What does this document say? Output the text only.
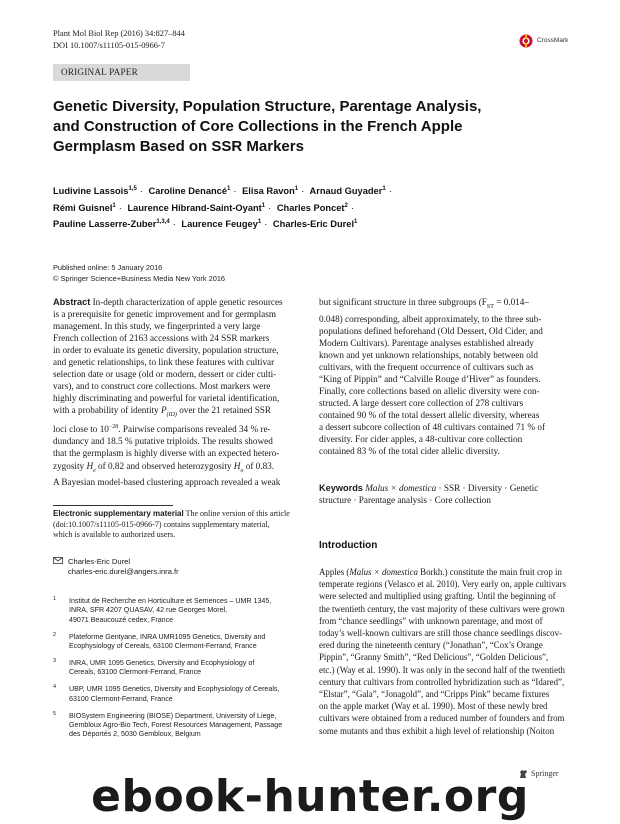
Plant Mol Biol Rep (2016) 34:827–844
DOI 10.1007/s11105-015-0966-7
CrossMark
ORIGINAL PAPER
Genetic Diversity, Population Structure, Parentage Analysis,
and Construction of Core Collections in the French Apple
Germplasm Based on SSR Markers
Ludivine Lassois$^{1,5}$ · Caroline Denancé$^1$ · Elisa Ravon$^1$ · Arnaud Guyader$^1$ ·
Rémi Guisnel$^1$ · Laurence Hibrand-Saint-Oyant$^1$ · Charles Poncet$^2$ ·
Pauline Lasserre-Zuber$^{1,3,4}$ · Laurence Feugey$^1$ · Charles-Eric Durel$^1$
Published online: 5 January 2016
© Springer Science+Business Media New York 2016
Abstract In-depth characterization of apple genetic resources
is a prerequisite for genetic improvement and for germplasm
management. In this study, we fingerprinted a very large
French collection of 2163 accessions with 24 SSR markers
in order to evaluate its genetic diversity, population structure,
and genetic relationships, to link these features with cultivar
selection date or usage (old or modern, dessert or cider culti-
vars), and to construct core collections. Most markers were
highly discriminating and powerful for varietal identification,
with a probability of identity $P_{(ID)}$ over the 21 retained SSR
loci close to $10^{-28}$. Pairwise comparisons revealed 34 % re-
dundancy and 18.5 % putative triploids. The results showed
that the germplasm is highly diverse with an expected hetero-
zygosity $H_e$ of 0.82 and observed heterozygosity $H_o$ of 0.83.
A Bayesian model-based clustering approach revealed a weak
but significant structure in three subgroups ($F_{ST} = 0.014-$
0.048) corresponding, albeit approximately, to the three sub-
populations defined beforehand (Old Dessert, Old Cider, and
Modern Cultivars). Parentage analyses established already
known and yet unknown relationships, notably between old
cultivars, with the frequent occurrence of cultivars such as
“King of Pippin” and “Calville Rouge d’Hiver” as founders.
Finally, core collections based on allelic diversity were con-
structed. A large dessert core collection of 278 cultivars
contained 90 % of the total dessert allelic diversity, whereas
a dessert subcore collection of 48 cultivars contained 71 % of
diversity. For cider apples, a 48-cultivar core collection
contained 83 % of the total cider allelic diversity.
Keywords Malus × domestica · SSR · Diversity · Genetic
structure · Parentage analysis · Core collection
Electronic supplementary material The online version of this article
(doi:10.1007/s11105-015-0966-7) contains supplementary material,
which is available to authorized users.
Charles-Eric Durel
charles-eric.durel@angers.inra.fr
1 Institut de Recherche en Horticulture et Semences – UMR 1345,
INRA, SFR 4207 QUASAV, 42 rue Georges Morel,
49071 Beaucouzé cedex, France
2 Plateforme Gentyane, INRA UMR1095 Genetics, Diversity and
Ecophysiology of Cereals, 63100 Clermont-Ferrand, France
3 INRA, UMR 1095 Genetics, Diversity and Ecophysiology of
Cereals, 63100 Clermont-Ferrand, France
4 UBP, UMR 1095 Genetics, Diversity and Ecophysiology of Cereals,
63100 Clermont-Ferrand, France
5 BIOSystem Engineering (BIOSE) Department, University of Liege,
Gembloux Agro-Bio Tech, Forest Resources Management, Passage
des Déportés 2, 5030 Gembloux, Belgium
Introduction
Apples (Malus × domestica Borkh.) constitute the main fruit crop in
temperate regions (Velasco et al. 2010). Very early on, apple cultivars
were selected and multiplied using grafting. Until the beginning of
the twentieth century, the vast majority of these cultivars were grown
from “chance seedlings” with unknown parentage, and most of
today’s well-known cultivars are still those chance seedlings discov-
ered during the nineteenth century (“Jonathan”, “Cox’s Orange
Pippin”, “Granny Smith”, “Red Delicious”, “Golden Delicious”,
etc.) (Way et al. 1990). It was only in the second half of the twentieth
century that cultivars from controlled hybridization such as “Idared”,
“Elstar”, “Gala”, “Jonagold”, and “Cripps Pink” became fixtures
on the apple market (Way et al. 1990). Most of these newly bred
cultivars were obtained from a reduced number of founders and from
some mutants and thus exhibit a high level of relationship (Noiton
Springer
ebook-hunter.org
